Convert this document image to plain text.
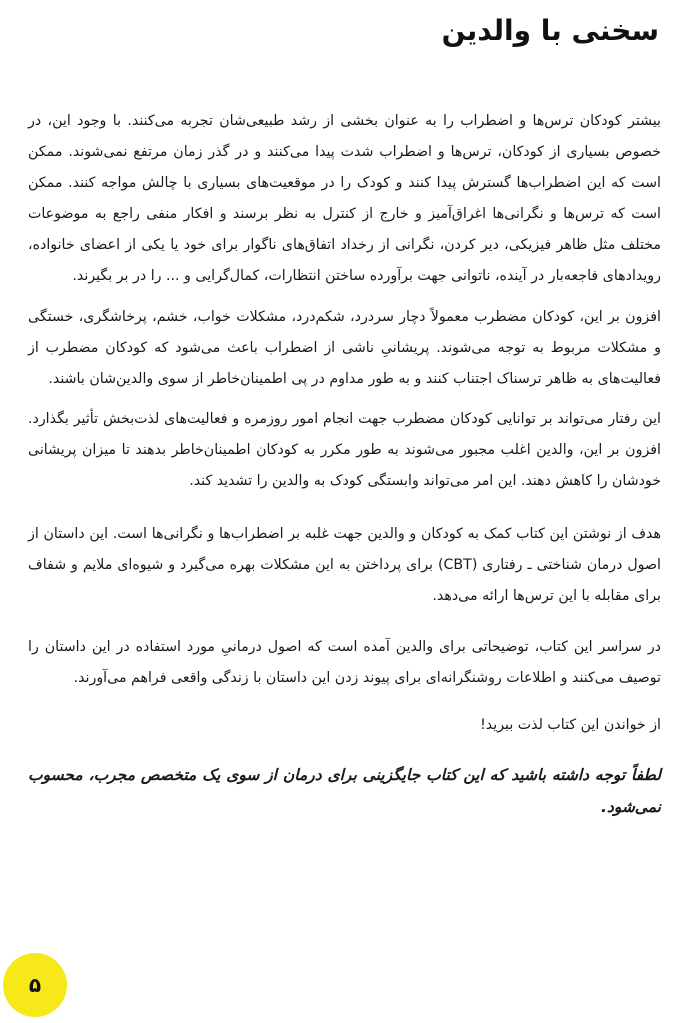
سخنی با والدین

بیشتر کودکان ترس‌ها و اضطراب را به عنوان بخشی از رشد طبیعی‌شان تجربه می‌کنند. با وجود این، در خصوص بسیاری از کودکان، ترس‌ها و اضطراب شدت پیدا می‌کنند و در گذر زمان مرتفع نمی‌شوند. ممکن است که این اضطراب‌ها گسترش پیدا کنند و کودک را در موقعیت‌های بسیاری با چالش مواجه کنند. ممکن است که ترس‌ها و نگرانی‌ها اغراق‌آمیز و خارج از کنترل به نظر برسند و افکار منفی راجع به موضوعات مختلف مثل ظاهر فیزیکی، دیر کردن، نگرانی از رخداد اتفاق‌های ناگوار برای خود یا یکی از اعضای خانواده، رویدادهای فاجعه‌بار در آینده، ناتوانی جهت برآورده ساختن انتظارات، کمال‌گرایی و ... را در بر بگیرند.

افزون بر این، کودکان مضطرب معمولاً دچار سردرد، شکم‌درد، مشکلات خواب، خشم، پرخاشگری، خستگی و مشکلات مربوط به توجه می‌شوند. پریشانیِ ناشی از اضطراب باعث می‌شود که کودکان مضطرب از فعالیت‌های به ظاهر ترسناک اجتناب کنند و به طور مداوم در پی اطمینان‌خاطر از سوی والدین‌شان باشند.

این رفتار می‌تواند بر توانایی کودکان مضطرب جهت انجام امور روزمره و فعالیت‌های لذت‌بخش تأثیر بگذارد. افزون بر این، والدین اغلب مجبور می‌شوند به طور مکرر به کودکان اطمینان‌خاطر بدهند تا میزان پریشانی خودشان را کاهش دهند. این امر می‌تواند وابستگی کودک به والدین را تشدید کند.

هدف از نوشتن این کتاب کمک به کودکان و والدین جهت غلبه بر اضطراب‌ها و نگرانی‌ها است. این داستان از اصول درمان شناختی ـ رفتاری (CBT) برای پرداختن به این مشکلات بهره می‌گیرد و شیوه‌ای ملایم و شفاف برای مقابله با این ترس‌ها ارائه می‌دهد.

در سراسر این کتاب، توضیحاتی برای والدین آمده است که اصول درمانیِ مورد استفاده در این داستان را توصیف می‌کنند و اطلاعات روشنگرانه‌ای برای پیوند زدن این داستان با زندگی واقعی فراهم می‌آورند.

از خواندن این کتاب لذت ببرید!

لطفاً توجه داشته باشید که این کتاب جایگزینی برای درمان از سوی یک متخصص مجرب، محسوب نمی‌شود.

۵
